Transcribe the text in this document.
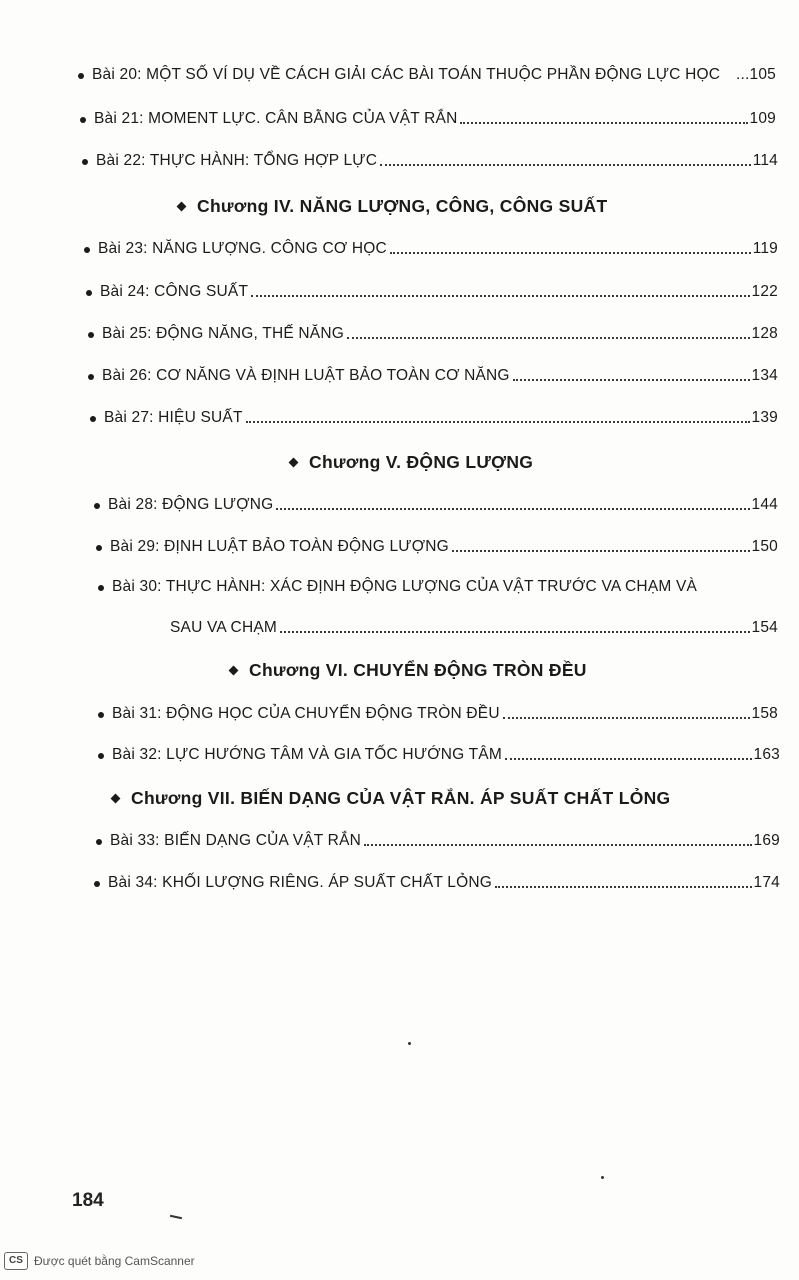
Bài 20: MỘT SỐ VÍ DỤ VỀ CÁCH GIẢI CÁC BÀI TOÁN THUỘC PHẦN ĐỘNG LỰC HỌC ...105
Bài 21: MOMENT LỰC. CÂN BẰNG CỦA VẬT RẮN	109
Bài 22: THỰC HÀNH: TỔNG HỢP LỰC	114
Chương IV. NĂNG LƯỢNG, CÔNG, CÔNG SUẤT
Bài 23: NĂNG LƯỢNG. CÔNG CƠ HỌC	119
Bài 24: CÔNG SUẤT	122
Bài 25: ĐỘNG NĂNG, THẾ NĂNG	128
Bài 26: CƠ NĂNG VÀ ĐỊNH LUẬT BẢO TOÀN CƠ NĂNG	134
Bài 27: HIỆU SUẤT	139
Chương V. ĐỘNG LƯỢNG
Bài 28: ĐỘNG LƯỢNG	144
Bài 29: ĐỊNH LUẬT BẢO TOÀN ĐỘNG LƯỢNG	150
Bài 30: THỰC HÀNH: XÁC ĐỊNH ĐỘNG LƯỢNG CỦA VẬT TRƯỚC VA CHẠM VÀ
SAU VA CHẠM	154
Chương VI. CHUYỂN ĐỘNG TRÒN ĐỀU
Bài 31: ĐỘNG HỌC CỦA CHUYỂN ĐỘNG TRÒN ĐỀU	158
Bài 32: LỰC HƯỚNG TÂM VÀ GIA TỐC HƯỚNG TÂM	163
Chương VII. BIẾN DẠNG CỦA VẬT RẮN. ÁP SUẤT CHẤT LỎNG
Bài 33: BIẾN DẠNG CỦA VẬT RẮN	169
Bài 34: KHỐI LƯỢNG RIÊNG. ÁP SUẤT CHẤT LỎNG	174
184
CS Được quét bằng CamScanner
